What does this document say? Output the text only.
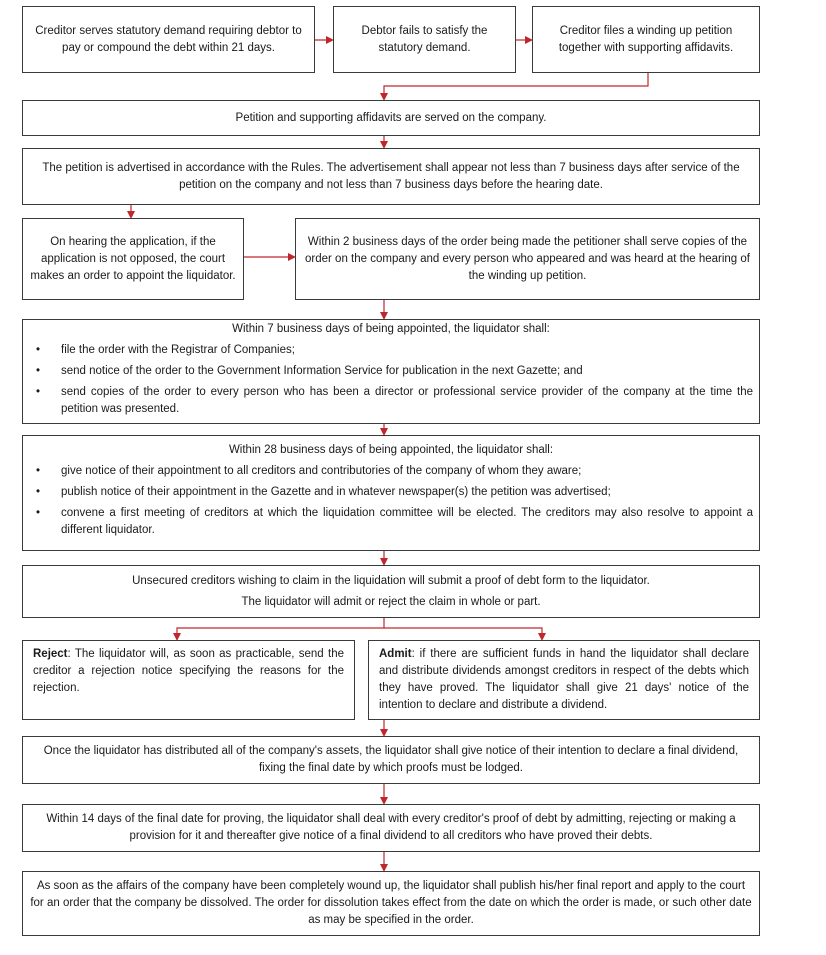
Creditor serves statutory demand requiring debtor to pay or compound the debt within 21 days.
Debtor fails to satisfy the statutory demand.
Creditor files a winding up petition together with supporting affidavits.
Petition and supporting affidavits are served on the company.
The petition is advertised in accordance with the Rules. The advertisement shall appear not less than 7 business days after service of the petition on the company and not less than 7 business days before the hearing date.
On hearing the application, if the application is not opposed, the court makes an order to appoint the liquidator.
Within 2 business days of the order being made the petitioner shall serve copies of the order on the company and every person who appeared and was heard at the hearing of the winding up petition.
Within 7 business days of being appointed, the liquidator shall:
• file the order with the Registrar of Companies;
• send notice of the order to the Government Information Service for publication in the next Gazette; and
• send copies of the order to every person who has been a director or professional service provider of the company at the time the petition was presented.
Within 28 business days of being appointed, the liquidator shall:
• give notice of their appointment to all creditors and contributories of the company of whom they aware;
• publish notice of their appointment in the Gazette and in whatever newspaper(s) the petition was advertised;
• convene a first meeting of creditors at which the liquidation committee will be elected. The creditors may also resolve to appoint a different liquidator.
Unsecured creditors wishing to claim in the liquidation will submit a proof of debt form to the liquidator.
The liquidator will admit or reject the claim in whole or part.
Reject: The liquidator will, as soon as practicable, send the creditor a rejection notice specifying the reasons for the rejection.
Admit: if there are sufficient funds in hand the liquidator shall declare and distribute dividends amongst creditors in respect of the debts which they have proved. The liquidator shall give 21 days' notice of the intention to declare and distribute a dividend.
Once the liquidator has distributed all of the company's assets, the liquidator shall give notice of their intention to declare a final dividend, fixing the final date by which proofs must be lodged.
Within 14 days of the final date for proving, the liquidator shall deal with every creditor's proof of debt by admitting, rejecting or making a provision for it and thereafter give notice of a final dividend to all creditors who have proved their debts.
As soon as the affairs of the company have been completely wound up, the liquidator shall publish his/her final report and apply to the court for an order that the company be dissolved. The order for dissolution takes effect from the date on which the order is made, or such other date as may be specified in the order.
